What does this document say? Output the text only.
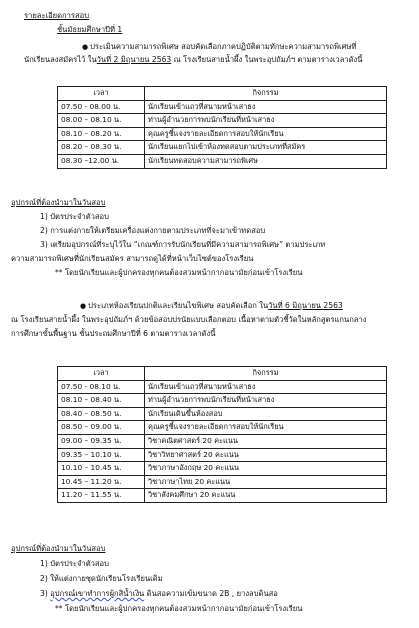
รายละเอียดการสอบ
ชั้นมัธยมศึกษาปีที่ 1
● ประเมินความสามารถพิเศษ สอบคัดเลือกภาคปฏิบัติตามทักษะความสามารถพิเศษที่
นักเรียนลงสมัครไว้ ในวันที่ 2 มิถุนายน 2563 ณ โรงเรียนสายน้ำผึ้ง ในพระอุปถัมภ์ฯ ตามตารางเวลาดังนี้
เวลา	กิจกรรม
07.50 - 08.00 น.	นักเรียนเข้าแถวที่สนามหน้าเสาธง
08.00 – 08.10 น.	ท่านผู้อำนวยการพบนักเรียนที่หน้าเสาธง
08.10 – 08.20 น.	คุณครูชี้แจงรายละเอียดการสอบให้นักเรียน
08.20 – 08.30 น.	นักเรียนแยกไปเข้าห้องทดสอบตามประเภทที่สมัคร
08.30 –12.00 น.	นักเรียนทดสอบความสามารถพิเศษ
อุปกรณ์ที่ต้องนำมาในวันสอบ
1) บัตรประจำตัวสอบ
2) การแต่งกายให้เตรียมเครื่องแต่งกายตามประเภทที่จะมาเข้าทดสอบ
3) เตรียมอุปกรณ์ที่ระบุไว้ใน “เกณฑ์การรับนักเรียนที่มีความสามารถพิเศษ” ตามประเภท
ความสามารถพิเศษที่นักเรียนสมัคร สามารถดูได้ที่หน้าเว็บไซต์ของโรงเรียน
** โดยนักเรียนและผู้ปกครองทุกคนต้องสวมหน้ากากอนามัยก่อนเข้าโรงเรียน
● ประเภทห้องเรียนปกติและเรียนไขพิเศษ สอบคัดเลือก ในวันที่ 6 มิถุนายน 2563
ณ โรงเรียนสายน้ำผึ้ง ในพระอุปถัมภ์ฯ ด้วยข้อสอบปรนัยแบบเลือกตอบ เนื้อหาตามตัวชี้วัดในหลักสูตรแกนกลาง
การศึกษาขั้นพื้นฐาน ชั้นประถมศึกษาปีที่ 6 ตามตารางเวลาดังนี้
เวลา	กิจกรรม
07.50 - 08.10 น.	นักเรียนเข้าแถวที่สนามหน้าเสาธง
08.10 – 08.40 น.	ท่านผู้อำนวยการพบนักเรียนที่หน้าเสาธง
08.40 – 08.50 น.	นักเรียนเดินขึ้นห้องสอบ
08.50 – 09.00 น.	คุณครูชี้แจงรายละเอียดการสอบให้นักเรียน
09.00 – 09.35 น.	วิชาคณิตศาสตร์ 20 คะแนน
09.35 – 10.10 น.	วิชาวิทยาศาสตร์ 20 คะแนน
10.10 – 10.45 น.	วิชาภาษาอังกฤษ 20 คะแนน
10.45 – 11.20 น.	วิชาภาษาไทย 20 คะแนน
11.20 – 11.55 น.	วิชาสังคมศึกษา 20 คะแนน
อุปกรณ์ที่ต้องนำมาในวันสอบ
1) บัตรประจำตัวสอบ
2) ให้แต่งกายชุดนักเรียนโรงเรียนเดิม
3) อุปกรณ์เขาทำการผู้กสิน้ำเงิน ดินสอความเข้มขนาด 2B , ยางลบดินสอ
** โดยนักเรียนและผู้ปกครองทุกคนต้องสวมหน้ากากอนามัยก่อนเข้าโรงเรียน
